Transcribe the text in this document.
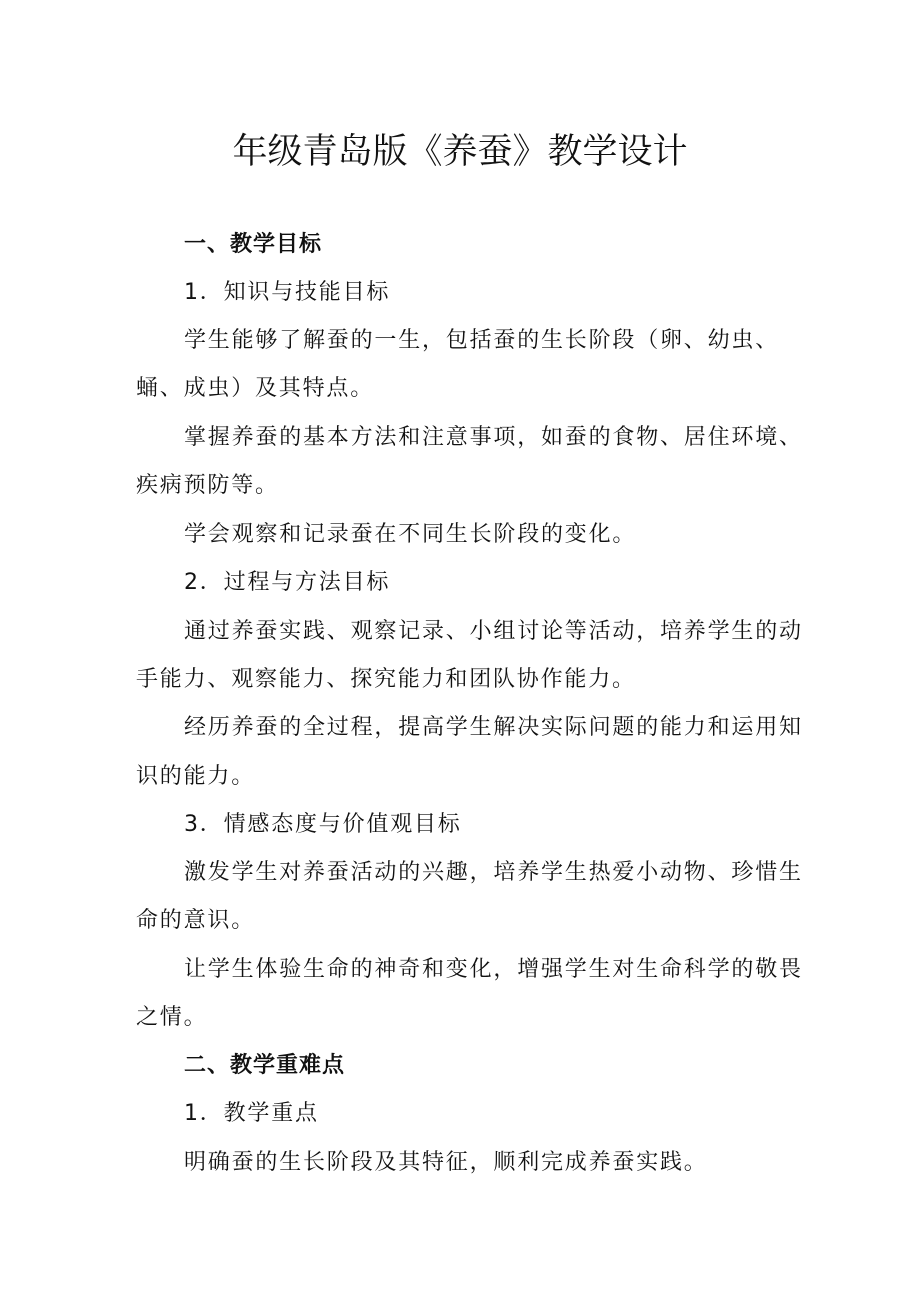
年级青岛版《养蚕》教学设计
一、教学目标
1．知识与技能目标
学生能够了解蚕的一生，包括蚕的生长阶段（卵、幼虫、
蛹、成虫）及其特点。
掌握养蚕的基本方法和注意事项，如蚕的食物、居住环境、
疾病预防等。
学会观察和记录蚕在不同生长阶段的变化。
2．过程与方法目标
通过养蚕实践、观察记录、小组讨论等活动，培养学生的动
手能力、观察能力、探究能力和团队协作能力。
经历养蚕的全过程，提高学生解决实际问题的能力和运用知
识的能力。
3．情感态度与价值观目标
激发学生对养蚕活动的兴趣，培养学生热爱小动物、珍惜生
命的意识。
让学生体验生命的神奇和变化，增强学生对生命科学的敬畏
之情。
二、教学重难点
1．教学重点
明确蚕的生长阶段及其特征，顺利完成养蚕实践。
